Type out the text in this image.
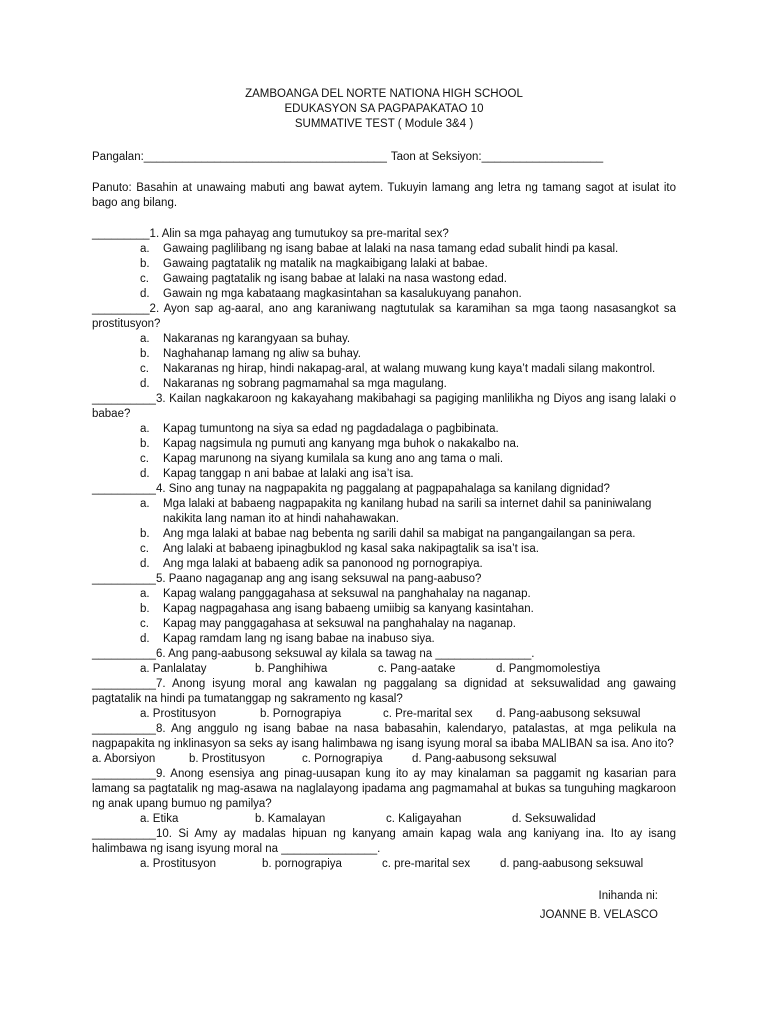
ZAMBOANGA DEL NORTE NATIONA HIGH SCHOOL
EDUKASYON SA PAGPAPAKATAO 10
SUMMATIVE TEST ( Module 3&4 )
Pangalan:______________________________________ Taon at Seksiyon:___________________
Panuto: Basahin at unawaing mabuti ang bawat aytem. Tukuyin lamang ang letra ng tamang sagot at isulat ito bago ang bilang.
_________1. Alin sa mga pahayag ang tumutukoy sa pre-marital sex?
a. Gawaing paglilibang ng isang babae at lalaki na nasa tamang edad subalit hindi pa kasal.
b. Gawaing pagtatalik ng matalik na magkaibigang lalaki at babae.
c. Gawaing pagtatalik ng isang babae at lalaki na nasa wastong edad.
d. Gawain ng mga kabataang magkasintahan sa kasalukuyang panahon.
_________2. Ayon sap ag-aaral, ano ang karaniwang nagtutulak sa karamihan sa mga taong nasasangkot sa prostitusyon?
a. Nakaranas ng karangyaan sa buhay.
b. Naghahanap lamang ng aliw sa buhay.
c. Nakaranas ng hirap, hindi nakapag-aral, at walang muwang kung kaya’t madali silang makontrol.
d. Nakaranas ng sobrang pagmamahal sa mga magulang.
__________3. Kailan nagkakaroon ng kakayahang makibahagi sa pagiging manlilikha ng Diyos ang isang lalaki o babae?
a. Kapag tumuntong na siya sa edad ng pagdadalaga o pagbibinata.
b. Kapag nagsimula ng pumuti ang kanyang mga buhok o nakakalbo na.
c. Kapag marunong na siyang kumilala sa kung ano ang tama o mali.
d. Kapag tanggap n ani babae at lalaki ang isa’t isa.
__________4. Sino ang tunay na nagpapakita ng paggalang at pagpapahalaga sa kanilang dignidad?
a. Mga lalaki at babaeng nagpapakita ng kanilang hubad na sarili sa internet dahil sa paniniwalang nakikita lang naman ito at hindi nahahawakan.
b. Ang mga lalaki at babae nag bebenta ng sarili dahil sa mabigat na pangangailangan sa pera.
c. Ang lalaki at babaeng ipinagbuklod ng kasal saka nakipagtalik sa isa’t isa.
d. Ang mga lalaki at babaeng adik sa panonood ng pornograpiya.
__________5. Paano nagaganap ang ang isang seksuwal na pang-aabuso?
a. Kapag walang panggagahasa at seksuwal na panghahalay na naganap.
b. Kapag nagpagahasa ang isang babaeng umiibig sa kanyang kasintahan.
c. Kapag may panggagahasa at seksuwal na panghahalay na naganap.
d. Kapag ramdam lang ng isang babae na inabuso siya.
__________6. Ang pang-aabusong seksuwal ay kilala sa tawag na _______________.
a. Panlalatay	b. Panghihiwa	c. Pang-aatake	d. Pangmomolestiya
__________7. Anong isyung moral ang kawalan ng paggalang sa dignidad at seksuwalidad ang gawaing pagtatalik na hindi pa tumatanggap ng sakramento ng kasal?
a. Prostitusyon	b. Pornograpiya	c. Pre-marital sex d. Pang-aabusong seksuwal
__________8. Ang anggulo ng isang babae na nasa babasahin, kalendaryo, patalastas, at mga pelikula na nagpapakita ng inklinasyon sa seks ay isang halimbawa ng isang isyung moral sa ibaba MALIBAN sa isa. Ano ito?
a. Aborsiyon	b. Prostitusyon	c. Pornograpiya	d. Pang-aabusong seksuwal
__________9. Anong esensiya ang pinag-uusapan kung ito ay may kinalaman sa paggamit ng kasarian para lamang sa pagtatalik ng mag-asawa na naglalayong ipadama ang pagmamahal at bukas sa tunguhing magkaroon ng anak upang bumuo ng pamilya?
a. Etika	b. Kamalayan	c. Kaligayahan	d. Seksuwalidad
__________10. Si Amy ay madalas hipuan ng kanyang amain kapag wala ang kaniyang ina. Ito ay isang halimbawa ng isang isyung moral na _______________.
a. Prostitusyon	b. pornograpiya	c. pre-marital sex	d. pang-aabusong seksuwal
Inihanda ni:
JOANNE B. VELASCO
